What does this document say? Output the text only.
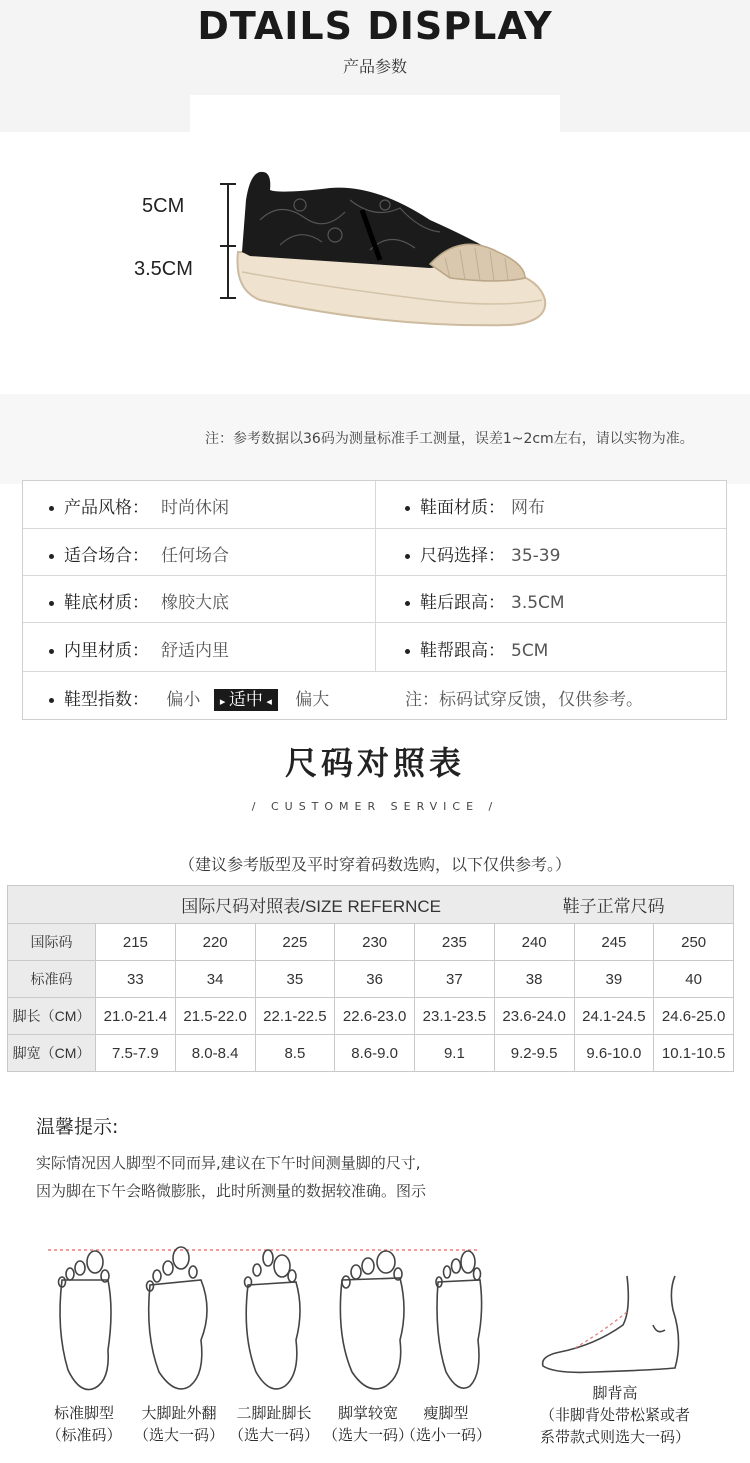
DTAILS DISPLAY
产品参数
5CM
3.5CM
注：参考数据以36码为测量标准手工测量，误差1~2cm左右，请以实物为准。
产品风格： 时尚休闲	鞋面材质： 网布
适合场合： 任何场合	尺码选择： 35-39
鞋底材质： 橡胶大底	鞋后跟高： 3.5CM
内里材质： 舒适内里	鞋帮跟高： 5CM
鞋型指数： 偏小 ▸ 适中 ◂ 偏大	注：标码试穿反馈，仅供参考。
尺码对照表
/ CUSTOMER SERVICE /
（建议参考版型及平时穿着码数选购，以下仅供参考。）
国际尺码对照表/SIZE REFERNCE						鞋子正常尺码		
国际码	215	220	225	230	235	240	245	250
标准码	33	34	35	36	37	38	39	40
脚长（CM）	21.0-21.4	21.5-22.0	22.1-22.5	22.6-23.0	23.1-23.5	23.6-24.0	24.1-24.5	24.6-25.0
脚宽（CM）	7.5-7.9	8.0-8.4	8.5	8.6-9.0	9.1	9.2-9.5	9.6-10.0	10.1-10.5
温馨提示:
实际情况因人脚型不同而异,建议在下午时间测量脚的尺寸,
因为脚在下午会略微膨胀，此时所测量的数据较准确。图示
标准脚型
（标准码）
大脚趾外翻
（选大一码）
二脚趾脚长
（选大一码）
脚掌较宽
（选大一码）
瘦脚型
（选小一码）
脚背高
（非脚背处带松紧或者
系带款式则选大一码）
